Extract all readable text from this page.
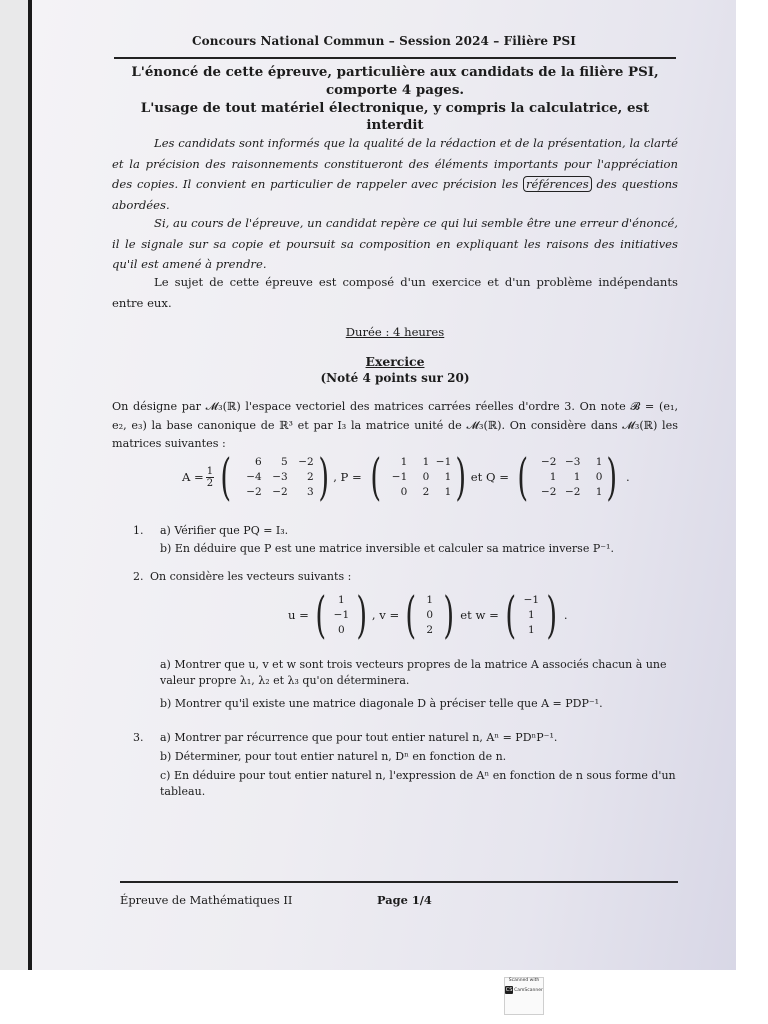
Concours National Commun – Session 2024 – Filière PSI
L'énoncé de cette épreuve, particulière aux candidats de la filière PSI,
comporte 4 pages.
L'usage de tout matériel électronique, y compris la calculatrice, est interdit
Les candidats sont informés que la qualité de la rédaction et de la présentation, la clarté et la précision des raisonnements constitueront des éléments importants pour l'appréciation des copies. Il convient en particulier de rappeler avec précision les références des questions abordées.
Si, au cours de l'épreuve, un candidat repère ce qui lui semble être une erreur d'énoncé, il le signale sur sa copie et poursuit sa composition en expliquant les raisons des initiatives qu'il est amené à prendre.
Le sujet de cette épreuve est composé d'un exercice et d'un problème indépendants entre eux.
Durée : 4 heures
Exercice
(Noté 4 points sur 20)
On désigne par 𝓜₃(ℝ) l'espace vectoriel des matrices carrées réelles d'ordre 3. On note 𝓑 = (e₁, e₂, e₃) la base canonique de ℝ³ et par I₃ la matrice unité de 𝓜₃(ℝ). On considère dans 𝓜₃(ℝ) les matrices suivantes :
$A = \frac{1}{2}$ (	6	5	−2
−4	−3	2
−2	−2	3 ) , P = (	1	1 −1
−1	0	1
0	2	1 ) et Q = (	−2 −3	1
1	1	0
−2 −2	1 ) .
1. a) Vérifier que PQ = I₃.
b) En déduire que P est une matrice inversible et calculer sa matrice inverse P⁻¹.
2. On considère les vecteurs suivants :
u = (	1
−1
0 ) , v = ( 1
0
2 ) et w = ( −1
1
1 ) .
a) Montrer que u, v et w sont trois vecteurs propres de la matrice A associés chacun à une valeur propre λ₁, λ₂ et λ₃ qu'on déterminera.
b) Montrer qu'il existe une matrice diagonale D à préciser telle que A = PDP⁻¹.
3. a) Montrer par récurrence que pour tout entier naturel n, Aⁿ = PDⁿP⁻¹.
b) Déterminer, pour tout entier naturel n, Dⁿ en fonction de n.
c) En déduire pour tout entier naturel n, l'expression de Aⁿ en fonction de n sous forme d'un tableau.
Épreuve de Mathématiques II	Page 1/4
Scanned with
CS CamScanner
